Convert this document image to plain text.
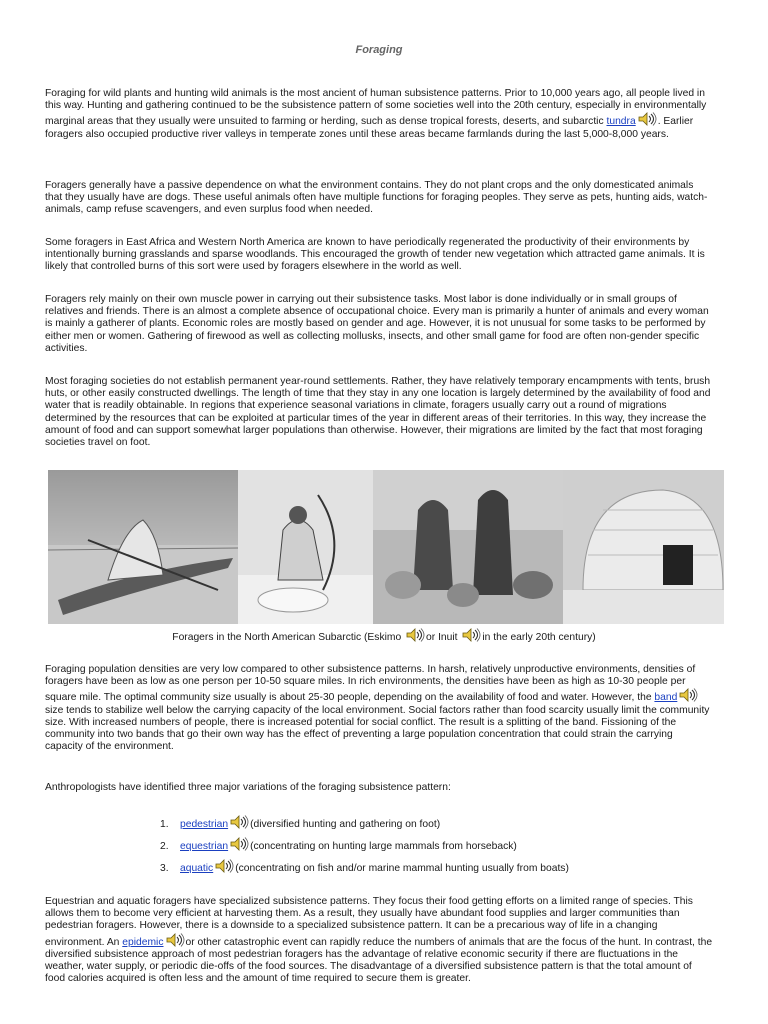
Foraging

Foraging for wild plants and hunting wild animals is the most ancient of human subsistence patterns. Prior to 10,000 years ago, all people lived in this way. Hunting and gathering continued to be the subsistence pattern of some societies well into the 20th century, especially in environmentally marginal areas that they usually were unsuited to farming or herding, such as dense tropical forests, deserts, and subarctic tundra . Earlier foragers also occupied productive river valleys in temperate zones until these areas became farmlands during the last 5,000-8,000 years.

Foragers generally have a passive dependence on what the environment contains. They do not plant crops and the only domesticated animals that they usually have are dogs. These useful animals often have multiple functions for foraging peoples. They serve as pets, hunting aids, watch-animals, camp refuse scavengers, and even surplus food when needed.

Some foragers in East Africa and Western North America are known to have periodically regenerated the productivity of their environments by intentionally burning grasslands and sparse woodlands. This encouraged the growth of tender new vegetation which attracted game animals. It is likely that controlled burns of this sort were used by foragers elsewhere in the world as well.

Foragers rely mainly on their own muscle power in carrying out their subsistence tasks. Most labor is done individually or in small groups of relatives and friends. There is an almost a complete absence of occupational choice. Every man is primarily a hunter of animals and every woman is mainly a gatherer of plants. Economic roles are mostly based on gender and age. However, it is not unusual for some tasks to be performed by either men or women. Gathering of firewood as well as collecting mollusks, insects, and other small game for food are often non-gender specific activities.

Most foraging societies do not establish permanent year-round settlements. Rather, they have relatively temporary encampments with tents, brush huts, or other easily constructed dwellings. The length of time that they stay in any one location is largely determined by the availability of food and water that is readily obtainable. In regions that experience seasonal variations in climate, foragers usually carry out a round of migrations determined by the resources that can be exploited at particular times of the year in different areas of their territories. In this way, they increase the amount of food and can support somewhat larger populations than otherwise. However, their migrations are limited by the fact that most foraging societies travel on foot.

Foraging population densities are very low compared to other subsistence patterns. In harsh, relatively unproductive environments, densities of foragers have been as low as one person per 10-50 square miles. In rich environments, the densities have been as high as 10-30 people per square mile. The optimal community size usually is about 25-30 people, depending on the availability of food and water. However, the bandsize tends to stabilize well below the carrying capacity of the local environment. Social factors rather than food scarcity usually limit the community size. With increased numbers of people, there is increased potential for social conflict. The result is a splitting of the band. Fissioning of the community into two bands that go their own way has the effect of preventing a large population concentration that could strain the carrying capacity of the environment.

Anthropologists have identified three major variations of the foraging subsistence pattern:

Equestrian and aquatic foragers have specialized subsistence patterns. They focus their food getting efforts on a limited range of species. This allows them to become very efficient at harvesting them. As a result, they usually have abundant food supplies and larger communities than pedestrian foragers. However, there is a downside to a specialized subsistence pattern. It can be a precarious way of life in a changing environment. An epidemic or other catastrophic event can rapidly reduce the numbers of animals that are the focus of the hunt. In contrast, the diversified subsistence approach of most pedestrian foragers has the advantage of relative economic security if there are fluctuations in the weather, water supply, or periodic die-offs of the food sources. The disadvantage of a diversified subsistence pattern is that the total amount of food calories acquired is often less and the amount of time required to secure them is greater.

Foragers in the North American Subarctic (Eskimo or Inuit in the early 20th century)
1. pedestrian (diversified hunting and gathering on foot)
2. equestrian (concentrating on hunting large mammals from horseback)
3. aquatic (concentrating on fish and/or marine mammal hunting usually from boats)
